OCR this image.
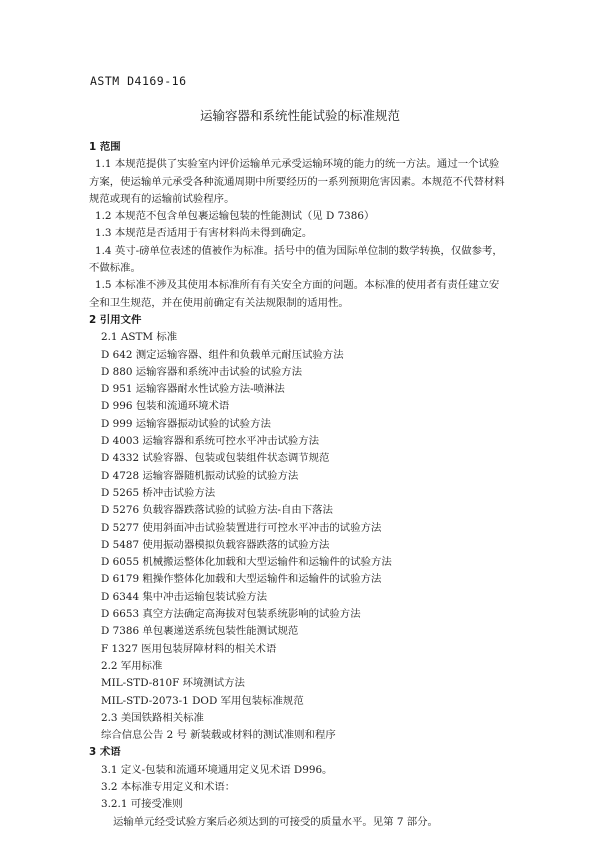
ASTM D4169-16
运输容器和系统性能试验的标准规范
1 范围
1.1 本规范提供了实验室内评价运输单元承受运输环境的能力的统一方法。通过一个试验
方案，使运输单元承受各种流通周期中所要经历的一系列预期危害因素。本规范不代替材料
规范或现有的运输前试验程序。
1.2 本规范不包含单包裹运输包装的性能测试（见 D 7386）
1.3 本规范是否适用于有害材料尚未得到确定。
1.4 英寸-磅单位表述的值被作为标准。括号中的值为国际单位制的数学转换，仅做参考，
不做标准。
1.5 本标准不涉及其使用本标准所有有关安全方面的问题。本标准的使用者有责任建立安
全和卫生规范，并在使用前确定有关法规限制的适用性。
2 引用文件
2.1 ASTM 标准
D 642 测定运输容器、组件和负载单元耐压试验方法
D 880 运输容器和系统冲击试验的试验方法
D 951 运输容器耐水性试验方法-喷淋法
D 996 包装和流通环境术语
D 999 运输容器振动试验的试验方法
D 4003 运输容器和系统可控水平冲击试验方法
D 4332 试验容器、包装或包装组件状态调节规范
D 4728 运输容器随机振动试验的试验方法
D 5265 桥冲击试验方法
D 5276 负载容器跌落试验的试验方法-自由下落法
D 5277 使用斜面冲击试验装置进行可控水平冲击的试验方法
D 5487 使用振动器模拟负载容器跌落的试验方法
D 6055 机械搬运整体化加载和大型运输件和运输件的试验方法
D 6179 粗操作整体化加载和大型运输件和运输件的试验方法
D 6344 集中冲击运输包装试验方法
D 6653 真空方法确定高海拔对包装系统影响的试验方法
D 7386 单包裹递送系统包装性能测试规范
F 1327 医用包装屏障材料的相关术语
2.2 军用标准
MIL-STD-810F 环境测试方法
MIL-STD-2073-1 DOD 军用包装标准规范
2.3 美国铁路相关标准
综合信息公告 2 号 新装载或材料的测试准则和程序
3 术语
3.1 定义-包装和流通环境通用定义见术语 D996。
3.2 本标准专用定义和术语：
3.2.1 可接受准则
运输单元经受试验方案后必须达到的可接受的质量水平。见第 7 部分。
